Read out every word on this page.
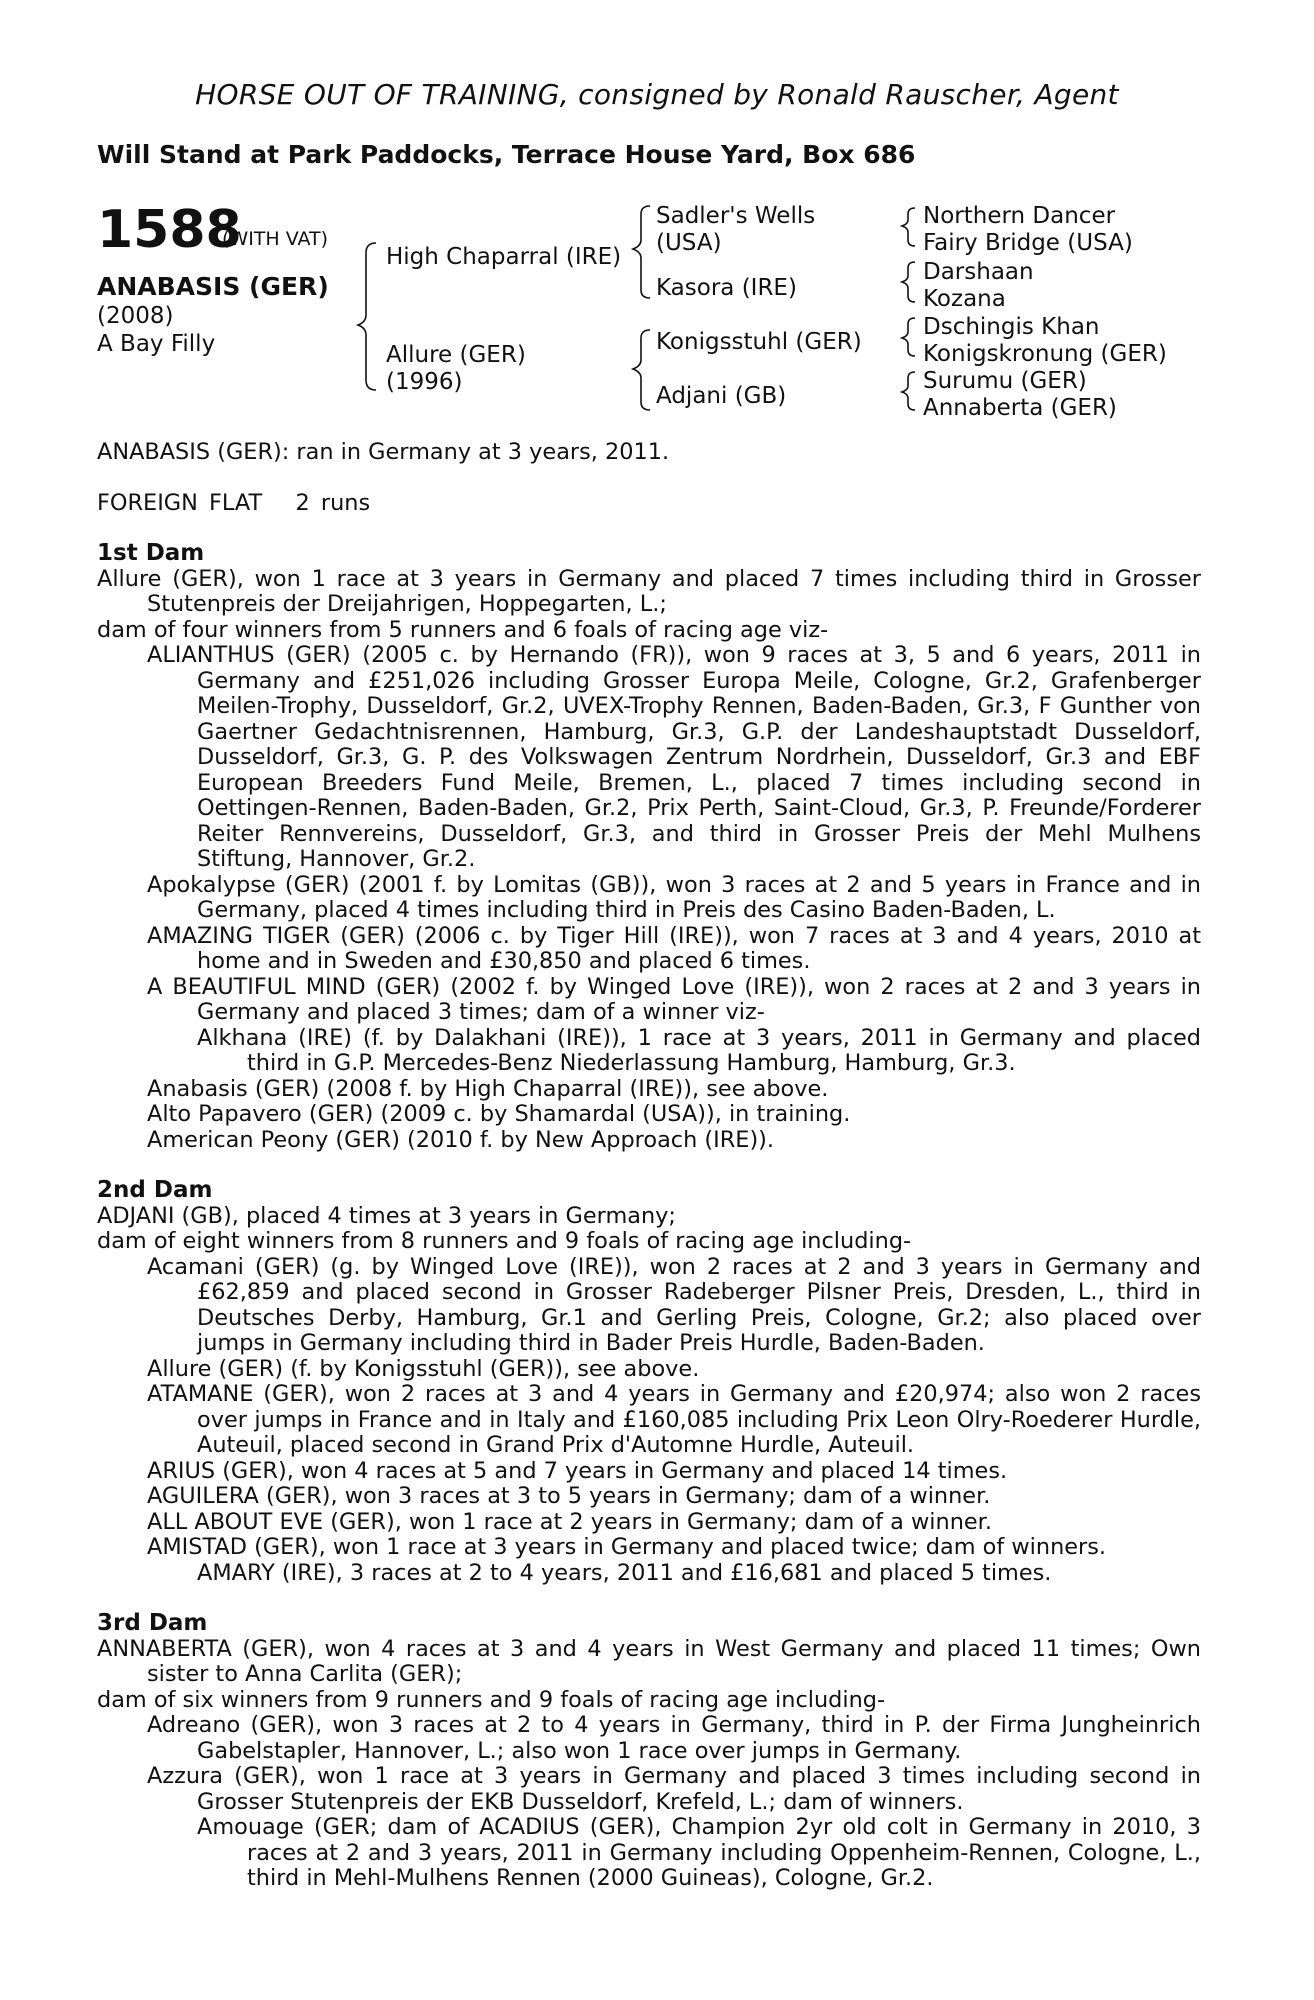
HORSE OUT OF TRAINING, consigned by Ronald Rauscher, Agent
Will Stand at Park Paddocks, Terrace House Yard, Box 686
1588
(WITH VAT)
ANABASIS (GER)
(2008)
A Bay Filly
High Chaparral (IRE)
Allure (GER)
(1996)
Sadler's Wells
(USA)
Kasora (IRE)
Konigsstuhl (GER)
Adjani (GB)
Northern Dancer
Fairy Bridge (USA)
Darshaan
Kozana
Dschingis Khan
Konigskronung (GER)
Surumu (GER)
Annaberta (GER)

ANABASIS (GER): ran in Germany at 3 years, 2011.

FOREIGN FLAT 2 runs

1st Dam

Allure (GER), won 1 race at 3 years in Germany and placed 7 times including third in Grosser Stutenpreis der Dreijahrigen, Hoppegarten, L.;

dam of four winners from 5 runners and 6 foals of racing age viz-

ALIANTHUS (GER) (2005 c. by Hernando (FR)), won 9 races at 3, 5 and 6 years, 2011 in Germany and £251,026 including Grosser Europa Meile, Cologne, Gr.2, Grafenberger Meilen-Trophy, Dusseldorf, Gr.2, UVEX-Trophy Rennen, Baden-Baden, Gr.3, F Gunther von Gaertner Gedachtnisrennen, Hamburg, Gr.3, G.P. der Landeshauptstadt Dusseldorf, Dusseldorf, Gr.3, G. P. des Volkswagen Zentrum Nordrhein, Dusseldorf, Gr.3 and EBF European Breeders Fund Meile, Bremen, L., placed 7 times including second in Oettingen-Rennen, Baden-Baden, Gr.2, Prix Perth, Saint-Cloud, Gr.3, P. Freunde/Forderer Reiter Rennvereins, Dusseldorf, Gr.3, and third in Grosser Preis der Mehl Mulhens Stiftung, Hannover, Gr.2.

Apokalypse (GER) (2001 f. by Lomitas (GB)), won 3 races at 2 and 5 years in France and in Germany, placed 4 times including third in Preis des Casino Baden-Baden, L.

AMAZING TIGER (GER) (2006 c. by Tiger Hill (IRE)), won 7 races at 3 and 4 years, 2010 at home and in Sweden and £30,850 and placed 6 times.

A BEAUTIFUL MIND (GER) (2002 f. by Winged Love (IRE)), won 2 races at 2 and 3 years in Germany and placed 3 times; dam of a winner viz-

Alkhana (IRE) (f. by Dalakhani (IRE)), 1 race at 3 years, 2011 in Germany and placed third in G.P. Mercedes-Benz Niederlassung Hamburg, Hamburg, Gr.3.

Anabasis (GER) (2008 f. by High Chaparral (IRE)), see above.

Alto Papavero (GER) (2009 c. by Shamardal (USA)), in training.

American Peony (GER) (2010 f. by New Approach (IRE)).

2nd Dam

ADJANI (GB), placed 4 times at 3 years in Germany;

dam of eight winners from 8 runners and 9 foals of racing age including-

Acamani (GER) (g. by Winged Love (IRE)), won 2 races at 2 and 3 years in Germany and £62,859 and placed second in Grosser Radeberger Pilsner Preis, Dresden, L., third in Deutsches Derby, Hamburg, Gr.1 and Gerling Preis, Cologne, Gr.2; also placed over jumps in Germany including third in Bader Preis Hurdle, Baden-Baden.

Allure (GER) (f. by Konigsstuhl (GER)), see above.

ATAMANE (GER), won 2 races at 3 and 4 years in Germany and £20,974; also won 2 races over jumps in France and in Italy and £160,085 including Prix Leon Olry-Roederer Hurdle, Auteuil, placed second in Grand Prix d'Automne Hurdle, Auteuil.

ARIUS (GER), won 4 races at 5 and 7 years in Germany and placed 14 times.

AGUILERA (GER), won 3 races at 3 to 5 years in Germany; dam of a winner.

ALL ABOUT EVE (GER), won 1 race at 2 years in Germany; dam of a winner.

AMISTAD (GER), won 1 race at 3 years in Germany and placed twice; dam of winners.

AMARY (IRE), 3 races at 2 to 4 years, 2011 and £16,681 and placed 5 times.

3rd Dam

ANNABERTA (GER), won 4 races at 3 and 4 years in West Germany and placed 11 times; Own sister to Anna Carlita (GER);

dam of six winners from 9 runners and 9 foals of racing age including-

Adreano (GER), won 3 races at 2 to 4 years in Germany, third in P. der Firma Jungheinrich Gabelstapler, Hannover, L.; also won 1 race over jumps in Germany.

Azzura (GER), won 1 race at 3 years in Germany and placed 3 times including second in Grosser Stutenpreis der EKB Dusseldorf, Krefeld, L.; dam of winners.

Amouage (GER; dam of ACADIUS (GER), Champion 2yr old colt in Germany in 2010, 3 races at 2 and 3 years, 2011 in Germany including Oppenheim-Rennen, Cologne, L., third in Mehl-Mulhens Rennen (2000 Guineas), Cologne, Gr.2.
